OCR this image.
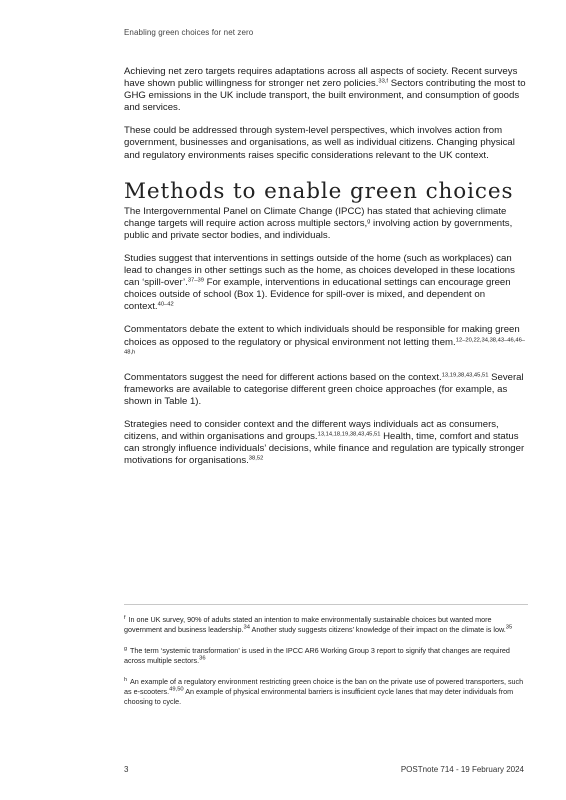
Enabling green choices for net zero

Achieving net zero targets requires adaptations across all aspects of society. Recent surveys have shown public willingness for stronger net zero policies.$^{33,f}$ Sectors contributing the most to GHG emissions in the UK include transport, the built environment, and consumption of goods and services.

These could be addressed through system-level perspectives, which involves action from government, businesses and organisations, as well as individual citizens. Changing physical and regulatory environments raises specific considerations relevant to the UK context.

Methods to enable green choices

The Intergovernmental Panel on Climate Change (IPCC) has stated that achieving climate change targets will require action across multiple sectors,$^g$ involving action by governments, public and private sector bodies, and individuals.

Studies suggest that interventions in settings outside of the home (such as workplaces) can lead to changes in other settings such as the home, as choices developed in these locations can ‘spill-over’.$^{37-39}$ For example, interventions in educational settings can encourage green choices outside of school (Box 1). Evidence for spill-over is mixed, and dependent on context.$^{40-42}$

Commentators debate the extent to which individuals should be responsible for making green choices as opposed to the regulatory or physical environment not letting them.$^{12-20,22,34,38,43-46,46-48,h}$

Commentators suggest the need for different actions based on the context.$^{13,19,38,43,45,51}$ Several frameworks are available to categorise different green choice approaches (for example, as shown in Table 1).

Strategies need to consider context and the different ways individuals act as consumers, citizens, and within organisations and groups.$^{13,14,18,19,38,43,45,51}$ Health, time, comfort and status can strongly influence individuals’ decisions, while finance and regulation are typically stronger motivations for organisations.$^{38,52}$

$^f$ In one UK survey, 90% of adults stated an intention to make environmentally sustainable choices but wanted more government and business leadership.$^{34}$ Another study suggests citizens’ knowledge of their impact on the climate is low.$^{35}$
$^g$ The term ‘systemic transformation’ is used in the IPCC AR6 Working Group 3 report to signify that changes are required across multiple sectors.$^{36}$
$^h$ An example of a regulatory environment restricting green choice is the ban on the private use of powered transporters, such as e-scooters.$^{49,50}$ An example of physical environmental barriers is insufficient cycle lanes that may deter individuals from choosing to cycle.
3	POSTnote 714 - 19 February 2024
